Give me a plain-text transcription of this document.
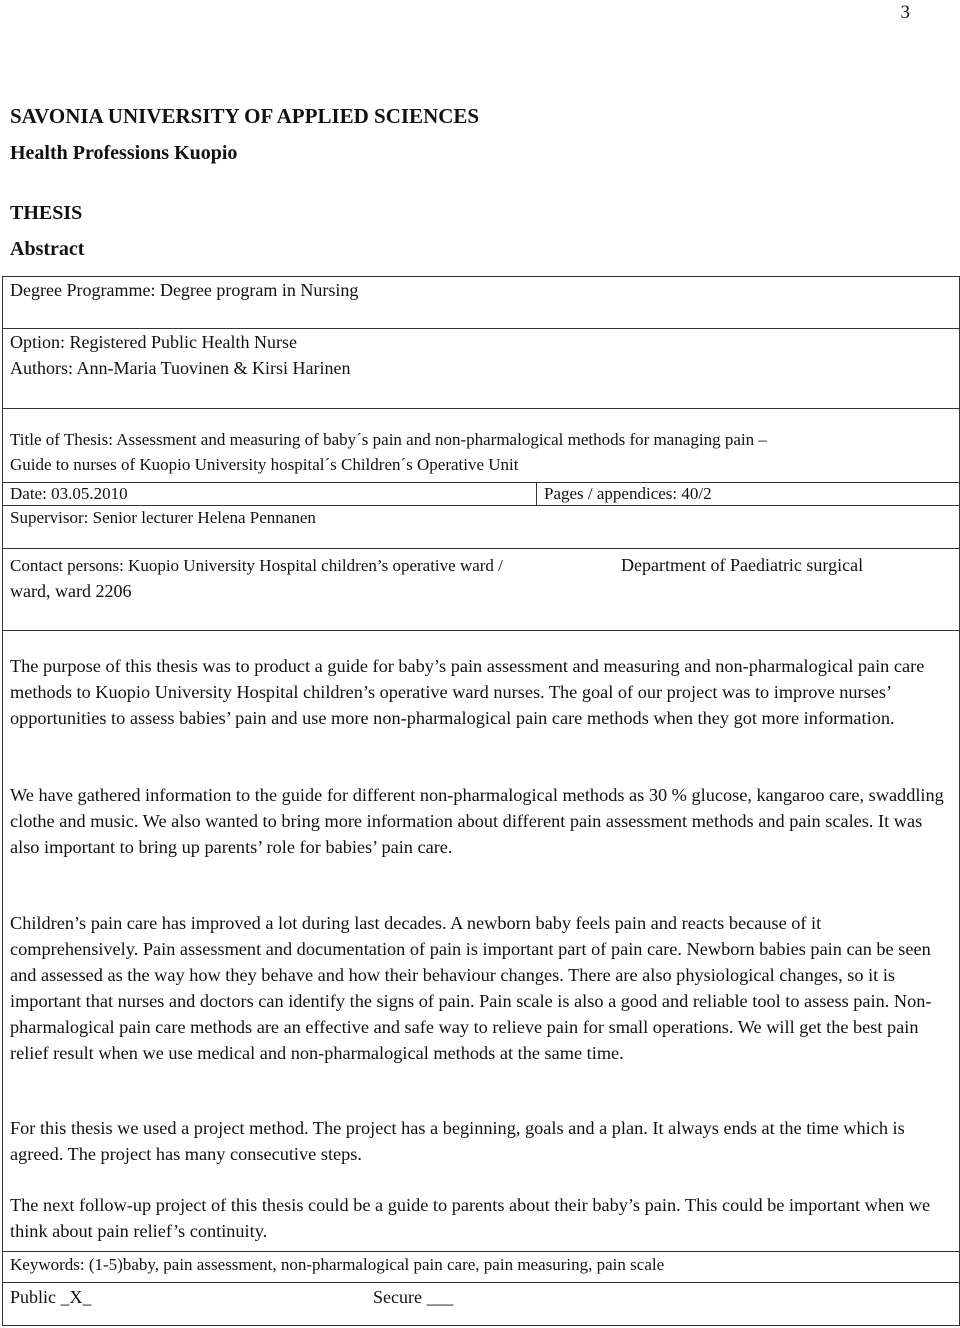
3
SAVONIA UNIVERSITY OF APPLIED SCIENCES
Health Professions Kuopio
THESIS
Abstract
Degree Programme: Degree program in Nursing
Option: Registered Public Health Nurse
Authors: Ann-Maria Tuovinen & Kirsi Harinen
Title of Thesis: Assessment and measuring of baby´s pain and non-pharmalogical methods for managing pain –
Guide to nurses of Kuopio University hospital´s Children´s Operative Unit
Date: 03.05.2010	Pages / appendices: 40/2
Supervisor: Senior lecturer Helena Pennanen
Contact persons: Kuopio University Hospital children’s operative ward /	Department of Paediatric surgical
ward, ward 2206
The purpose of this thesis was to product a guide for baby’s pain assessment and measuring and non-pharmalogical pain care methods to Kuopio University Hospital children’s operative ward nurses. The goal of our project was to improve nurses’ opportunities to assess babies’ pain and use more non-pharmalogical pain care methods when they got more information.
We have gathered information to the guide for different non-pharmalogical methods as 30 % glucose, kangaroo care, swaddling clothe and music. We also wanted to bring more information about different pain assessment methods and pain scales. It was also important to bring up parents’ role for babies’ pain care.
Children’s pain care has improved a lot during last decades. A newborn baby feels pain and reacts because of it comprehensively. Pain assessment and documentation of pain is important part of pain care. Newborn babies pain can be seen and assessed as the way how they behave and how their behaviour changes. There are also physiological changes, so it is important that nurses and doctors can identify the signs of pain. Pain scale is also a good and reliable tool to assess pain. Non-pharmalogical pain care methods are an effective and safe way to relieve pain for small operations. We will get the best pain relief result when we use medical and non-pharmalogical methods at the same time.
For this thesis we used a project method. The project has a beginning, goals and a plan. It always ends at the time which is agreed. The project has many consecutive steps.
The next follow-up project of this thesis could be a guide to parents about their baby’s pain. This could be important when we think about pain relief’s continuity.
Keywords: (1-5)baby, pain assessment, non-pharmalogical pain care, pain measuring, pain scale
Public _X_	Secure ___
